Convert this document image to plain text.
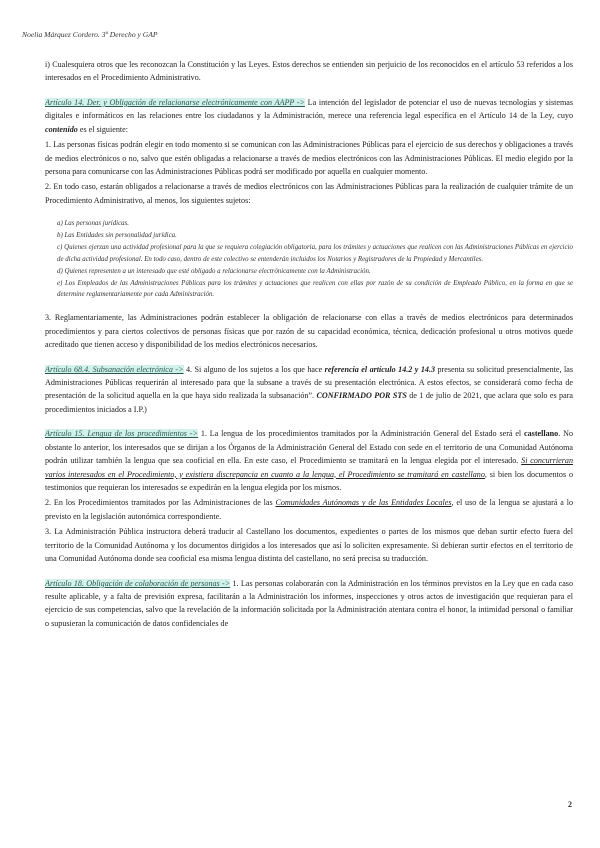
Noelia Márquez Cordero. 3º Derecho y GAP

i) Cualesquiera otros que les reconozcan la Constitución y las Leyes. Estos derechos se entienden sin perjuicio de los reconocidos en el artículo 53 referidos a los interesados en el Procedimiento Administrativo.

Artículo 14. Der. y Obligación de relacionarse electrónicamente con AAPP -> La intención del legislador de potenciar el uso de nuevas tecnologías y sistemas digitales e informáticos en las relaciones entre los ciudadanos y la Administración, merece una referencia legal específica en el Artículo 14 de la Ley, cuyo contenido es el siguiente:

1. Las personas físicas podrán elegir en todo momento si se comunican con las Administraciones Públicas para el ejercicio de sus derechos y obligaciones a través de medios electrónicos o no, salvo que estén obligadas a relacionarse a través de medios electrónicos con las Administraciones Públicas. El medio elegido por la persona para comunicarse con las Administraciones Públicas podrá ser modificado por aquella en cualquier momento.

2. En todo caso, estarán obligados a relacionarse a través de medios electrónicos con las Administraciones Públicas para la realización de cualquier trámite de un Procedimiento Administrativo, al menos, los siguientes sujetos:

a) Las personas jurídicas.
b) Las Entidades sin personalidad jurídica.
c) Quienes ejerzan una actividad profesional para la que se requiera colegiación obligatoria, para los trámites y actuaciones que realicen con las Administraciones Públicas en ejercicio de dicha actividad profesional. En todo caso, dentro de este colectivo se entenderán incluidos los Notarios y Registradores de la Propiedad y Mercantiles.
d) Quienes representen a un interesado que esté obligado a relacionarse electrónicamente con la Administración.
e) Los Empleados de las Administraciones Públicas para los trámites y actuaciones que realicen con ellas por razón de su condición de Empleado Público, en la forma en que se determine reglamentariamente por cada Administración.

3. Reglamentariamente, las Administraciones podrán establecer la obligación de relacionarse con ellas a través de medios electrónicos para determinados procedimientos y para ciertos colectivos de personas físicas que por razón de su capacidad económica, técnica, dedicación profesional u otros motivos quede acreditado que tienen acceso y disponibilidad de los medios electrónicos necesarios.

Artículo 68.4. Subsanación electrónica -> 4. Si alguno de los sujetos a los que hace referencia el artículo 14.2 y 14.3 presenta su solicitud presencialmente, las Administraciones Públicas requerirán al interesado para que la subsane a través de su presentación electrónica. A estos efectos, se considerará como fecha de presentación de la solicitud aquella en la que haya sido realizada la subsanación”. CONFIRMADO POR STS de 1 de julio de 2021, que aclara que solo es para procedimientos iniciados a I.P.)

Artículo 15. Lengua de los procedimientos -> 1. La lengua de los procedimientos tramitados por la Administración General del Estado será el castellano. No obstante lo anterior, los interesados que se dirijan a los Órganos de la Administración General del Estado con sede en el territorio de una Comunidad Autónoma podrán utilizar también la lengua que sea cooficial en ella. En este caso, el Procedimiento se tramitará en la lengua elegida por el interesado. Si concurrieran varios interesados en el Procedimiento, y existiera discrepancia en cuanto a la lengua, el Procedimiento se tramitará en castellano, si bien los documentos o testimonios que requieran los interesados se expedirán en la lengua elegida por los mismos.

2. En los Procedimientos tramitados por las Administraciones de las Comunidades Autónomas y de las Entidades Locales, el uso de la lengua se ajustará a lo previsto en la legislación autonómica correspondiente.

3. La Administración Pública instructora deberá traducir al Castellano los documentos, expedientes o partes de los mismos que deban surtir efecto fuera del territorio de la Comunidad Autónoma y los documentos dirigidos a los interesados que así lo soliciten expresamente. Si debieran surtir efectos en el territorio de una Comunidad Autónoma donde sea cooficial esa misma lengua distinta del castellano, no será precisa su traducción.

Artículo 18. Obligación de colaboración de personas -> 1. Las personas colaborarán con la Administración en los términos previstos en la Ley que en cada caso resulte aplicable, y a falta de previsión expresa, facilitarán a la Administración los informes, inspecciones y otros actos de investigación que requieran para el ejercicio de sus competencias, salvo que la revelación de la información solicitada por la Administración atentara contra el honor, la intimidad personal o familiar o supusieran la comunicación de datos confidenciales de

2
